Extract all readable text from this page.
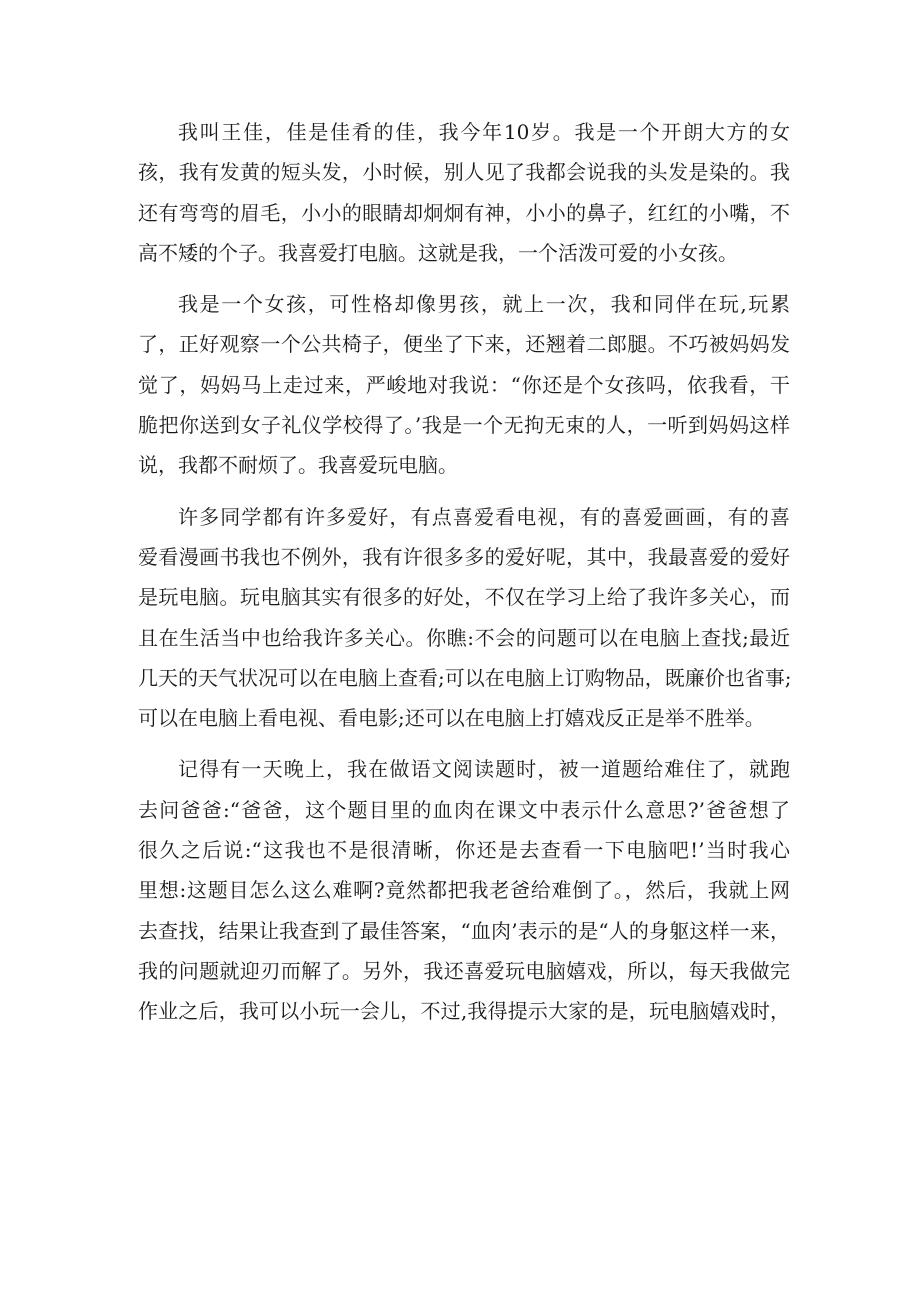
我叫王佳，佳是佳肴的佳，我今年10岁。我是一个开朗大方的女
孩，我有发黄的短头发，小时候，别人见了我都会说我的头发是染的。我
还有弯弯的眉毛，小小的眼睛却炯炯有神，小小的鼻子，红红的小嘴，不
高不矮的个子。我喜爱打电脑。这就是我，一个活泼可爱的小女孩。
我是一个女孩，可性格却像男孩，就上一次，我和同伴在玩,玩累
了，正好观察一个公共椅子，便坐了下来，还翘着二郎腿。不巧被妈妈发
觉了，妈妈马上走过来，严峻地对我说：“你还是个女孩吗，依我看，干
脆把你送到女子礼仪学校得了。’我是一个无拘无束的人，一听到妈妈这样
说，我都不耐烦了。我喜爱玩电脑。
许多同学都有许多爱好，有点喜爱看电视，有的喜爱画画，有的喜
爱看漫画书我也不例外，我有许很多多的爱好呢，其中，我最喜爱的爱好
是玩电脑。玩电脑其实有很多的好处，不仅在学习上给了我许多关心，而
且在生活当中也给我许多关心。你瞧:不会的问题可以在电脑上查找;最近
几天的天气状况可以在电脑上查看;可以在电脑上订购物品，既廉价也省事;
可以在电脑上看电视、看电影;还可以在电脑上打嬉戏反正是举不胜举。
记得有一天晚上，我在做语文阅读题时，被一道题给难住了，就跑
去问爸爸:“爸爸，这个题目里的血肉在课文中表示什么意思?’爸爸想了
很久之后说:“这我也不是很清晰，你还是去查看一下电脑吧!’当时我心
里想:这题目怎么这么难啊?竟然都把我老爸给难倒了。，然后，我就上网
去查找，结果让我查到了最佳答案，“血肉’表示的是“人的身躯这样一来，
我的问题就迎刃而解了。另外，我还喜爱玩电脑嬉戏，所以，每天我做完
作业之后，我可以小玩一会儿，不过,我得提示大家的是，玩电脑嬉戏时，
